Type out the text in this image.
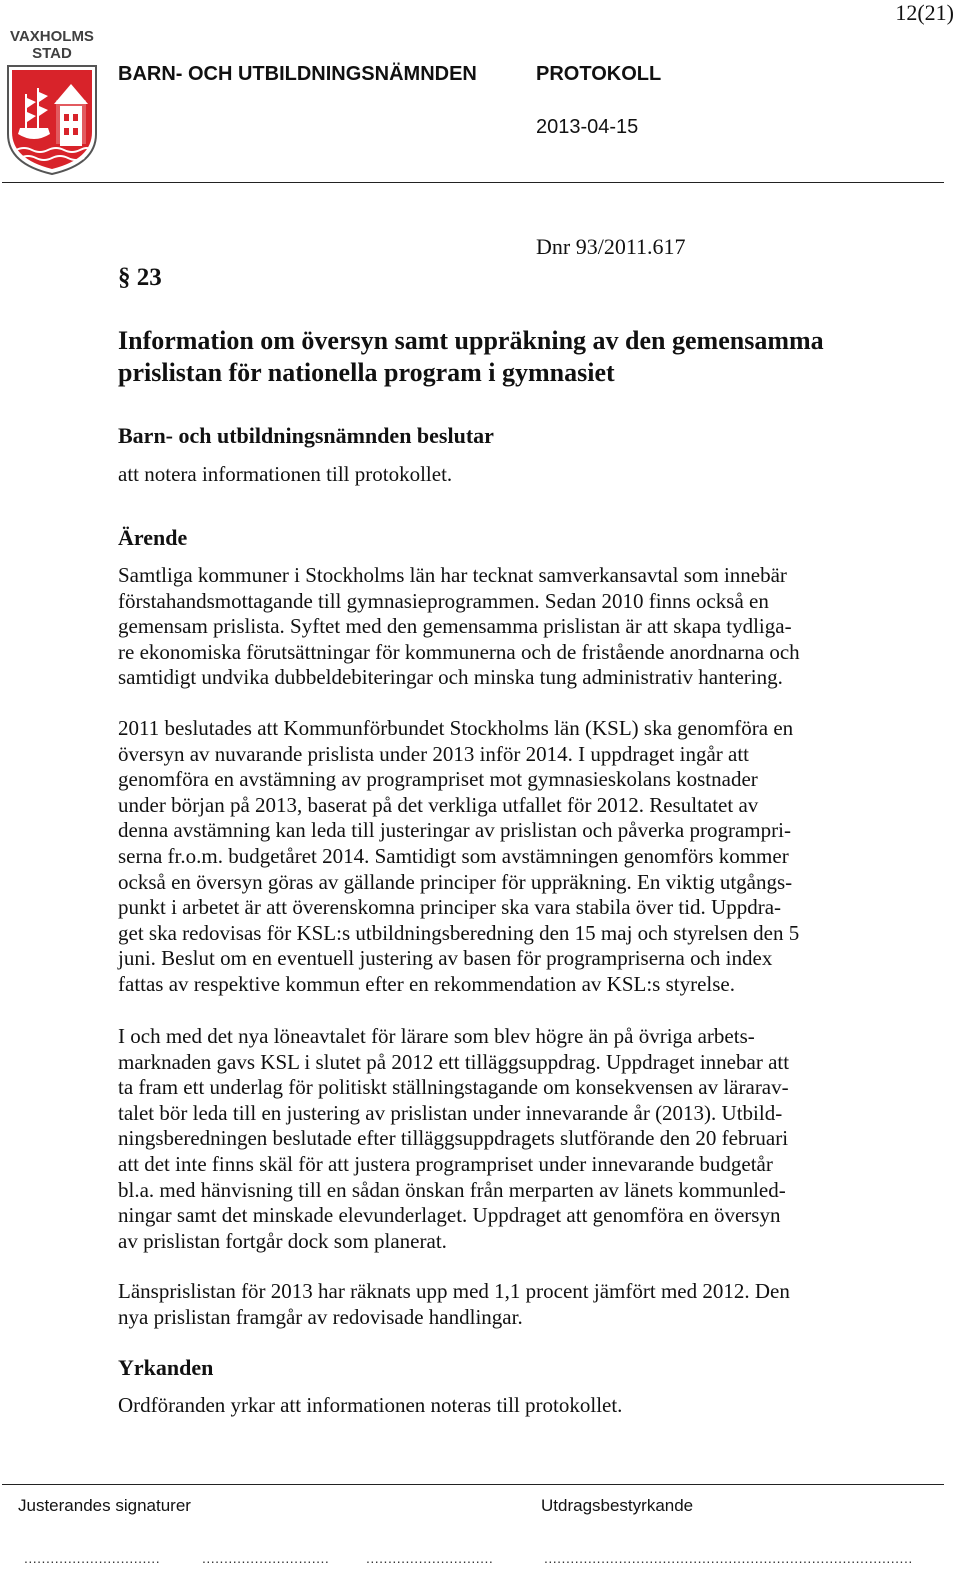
12(21)
VAXHOLMS
STAD
BARN- OCH UTBILDNINGSNÄMNDEN	PROTOKOLL
2013-04-15
Dnr 93/2011.617
§ 23
Information om översyn samt uppräkning av den gemensamma
prislistan för nationella program i gymnasiet
Barn- och utbildningsnämnden beslutar
att notera informationen till protokollet.
Ärende

Samtliga kommuner i Stockholms län har tecknat samverkansavtal som innebär

förstahandsmottagande till gymnasieprogrammen. Sedan 2010 finns också en

gemensam prislista. Syftet med den gemensamma prislistan är att skapa tydliga-

re ekonomiska förutsättningar för kommunerna och de fristående anordnarna och

samtidigt undvika dubbeldebiteringar och minska tung administrativ hantering.

2011 beslutades att Kommunförbundet Stockholms län (KSL) ska genomföra en

översyn av nuvarande prislista under 2013 inför 2014. I uppdraget ingår att

genomföra en avstämning av programpriset mot gymnasieskolans kostnader

under början på 2013, baserat på det verkliga utfallet för 2012. Resultatet av

denna avstämning kan leda till justeringar av prislistan och påverka programpri-

serna fr.o.m. budgetåret 2014. Samtidigt som avstämningen genomförs kommer

också en översyn göras av gällande principer för uppräkning. En viktig utgångs-

punkt i arbetet är att överenskomna principer ska vara stabila över tid. Uppdra-

get ska redovisas för KSL:s utbildningsberedning den 15 maj och styrelsen den 5

juni. Beslut om en eventuell justering av basen för programpriserna och index

fattas av respektive kommun efter en rekommendation av KSL:s styrelse.

I och med det nya löneavtalet för lärare som blev högre än på övriga arbets-

marknaden gavs KSL i slutet på 2012 ett tilläggsuppdrag. Uppdraget innebar att

ta fram ett underlag för politiskt ställningstagande om konsekvensen av lärarav-

talet bör leda till en justering av prislistan under innevarande år (2013). Utbild-

ningsberedningen beslutade efter tilläggsuppdragets slutförande den 20 februari

att det inte finns skäl för att justera programpriset under innevarande budgetår

bl.a. med hänvisning till en sådan önskan från merparten av länets kommunled-

ningar samt det minskade elevunderlaget. Uppdraget att genomföra en översyn

av prislistan fortgår dock som planerat.

Länsprislistan för 2013 har räknats upp med 1,1 procent jämfört med 2012. Den

nya prislistan framgår av redovisade handlingar.

Yrkanden
Ordföranden yrkar att informationen noteras till protokollet.
Justerandes signaturer	Utdragsbestyrkande
...............................	.............................	.............................	....................................................................................
